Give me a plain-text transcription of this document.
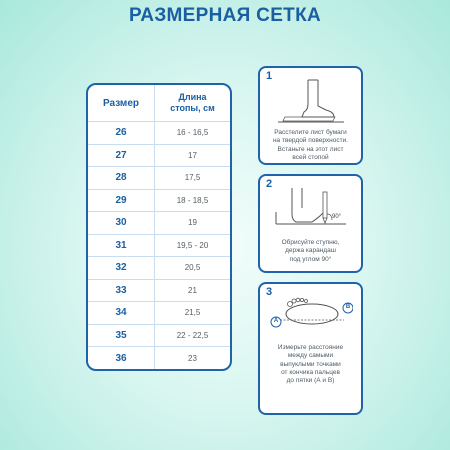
РАЗМЕРНАЯ СЕТКА
Размер
Длина
стопы, см
26	16 - 16,5
27	17
28	17,5
29	18 - 18,5
30	19
31	19,5 - 20
32	20,5
33	21
34	21,5
35	22 - 22,5
36	23
1
Расстелите лист бумаги
на твердой поверхности.
Встаньте на этот лист
всей стопой
2
90°
Обрисуйте ступню,
держа карандаш
под углом 90°
3
A
B
Измерьте расстояние
между самыми
выпуклыми точками
от кончика пальцев
до пятки (А и В)
